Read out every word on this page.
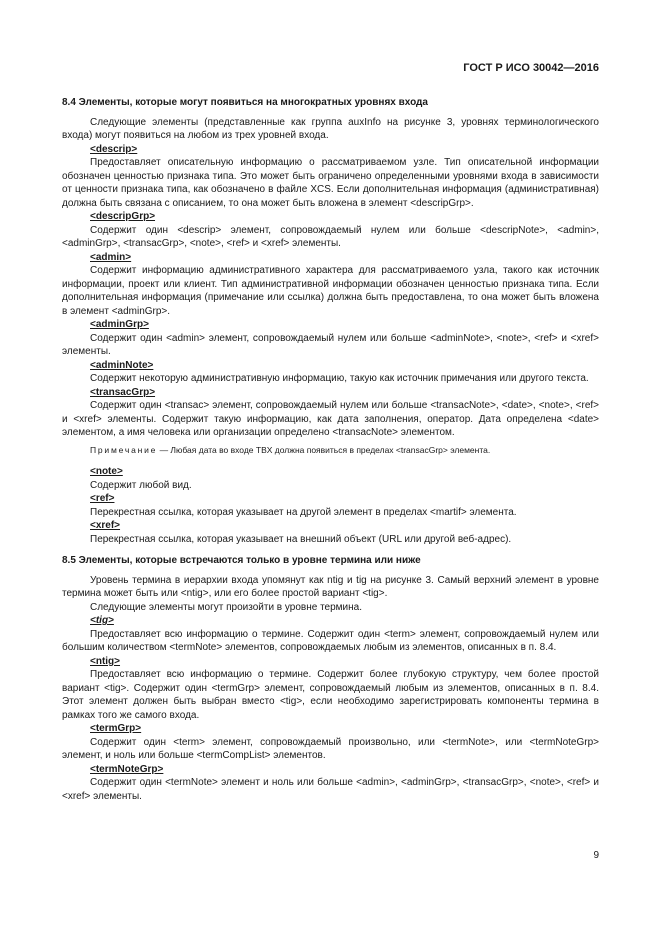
ГОСТ Р ИСО 30042—2016

8.4 Элементы, которые могут появиться на многократных уровнях входа

Следующие элементы (представленные как группа auxInfo на рисунке 3, уровнях терминологического входа) могут появиться на любом из трех уровней входа.

<descrip>

Предоставляет описательную информацию о рассматриваемом узле. Тип описательной информации обозначен ценностью признака типа. Это может быть ограничено определенными уровнями входа в зависимости от ценности признака типа, как обозначено в файле XCS. Если дополнительная информация (административная) должна быть связана с описанием, то она может быть вложена в элемент <descripGrp>.

<descripGrp>

Содержит один <descrip> элемент, сопровождаемый нулем или больше <descripNote>, <admin>, <adminGrp>, <transacGrp>, <note>, <ref> и <xref> элементы.

<admin>

Содержит информацию административного характера для рассматриваемого узла, такого как источник информации, проект или клиент. Тип административной информации обозначен ценностью признака типа. Если дополнительная информация (примечание или ссылка) должна быть предоставлена, то она может быть вложена в элемент <adminGrp>.

<adminGrp>

Содержит один <admin> элемент, сопровождаемый нулем или больше <adminNote>, <note>, <ref> и <xref> элементы.

<adminNote>

Содержит некоторую административную информацию, такую как источник примечания или другого текста.

<transacGrp>

Содержит один <transac> элемент, сопровождаемый нулем или больше <transacNote>, <date>, <note>, <ref> и <xref> элементы. Содержит такую информацию, как дата заполнения, оператор. Дата определена <date> элементом, а имя человека или организации определено <transacNote> элементом.

Примечание — Любая дата во входе TBX должна появиться в пределах <transacGrp> элемента.

<note>

Содержит любой вид.

<ref>

Перекрестная ссылка, которая указывает на другой элемент в пределах <martif> элемента.

<xref>

Перекрестная ссылка, которая указывает на внешний объект (URL или другой веб-адрес).

8.5 Элементы, которые встречаются только в уровне термина или ниже

Уровень термина в иерархии входа упомянут как ntig и tig на рисунке 3. Самый верхний элемент в уровне термина может быть или <ntig>, или его более простой вариант <tig>.

Следующие элементы могут произойти в уровне термина.

<tig>

Предоставляет всю информацию о термине. Содержит один <term> элемент, сопровождаемый нулем или большим количеством <termNote> элементов, сопровождаемых любым из элементов, описанных в п. 8.4.

<ntig>

Предоставляет всю информацию о термине. Содержит более глубокую структуру, чем более простой вариант <tig>. Содержит один <termGrp> элемент, сопровождаемый любым из элементов, описанных в п. 8.4. Этот элемент должен быть выбран вместо <tig>, если необходимо зарегистрировать компоненты термина в рамках того же самого входа.

<termGrp>

Содержит один <term> элемент, сопровождаемый произвольно, или <termNote>, или <termNoteGrp> элемент, и ноль или больше <termCompList> элементов.

<termNoteGrp>

Содержит один <termNote> элемент и ноль или больше <admin>, <adminGrp>, <transacGrp>, <note>, <ref> и <xref> элементы.

9
